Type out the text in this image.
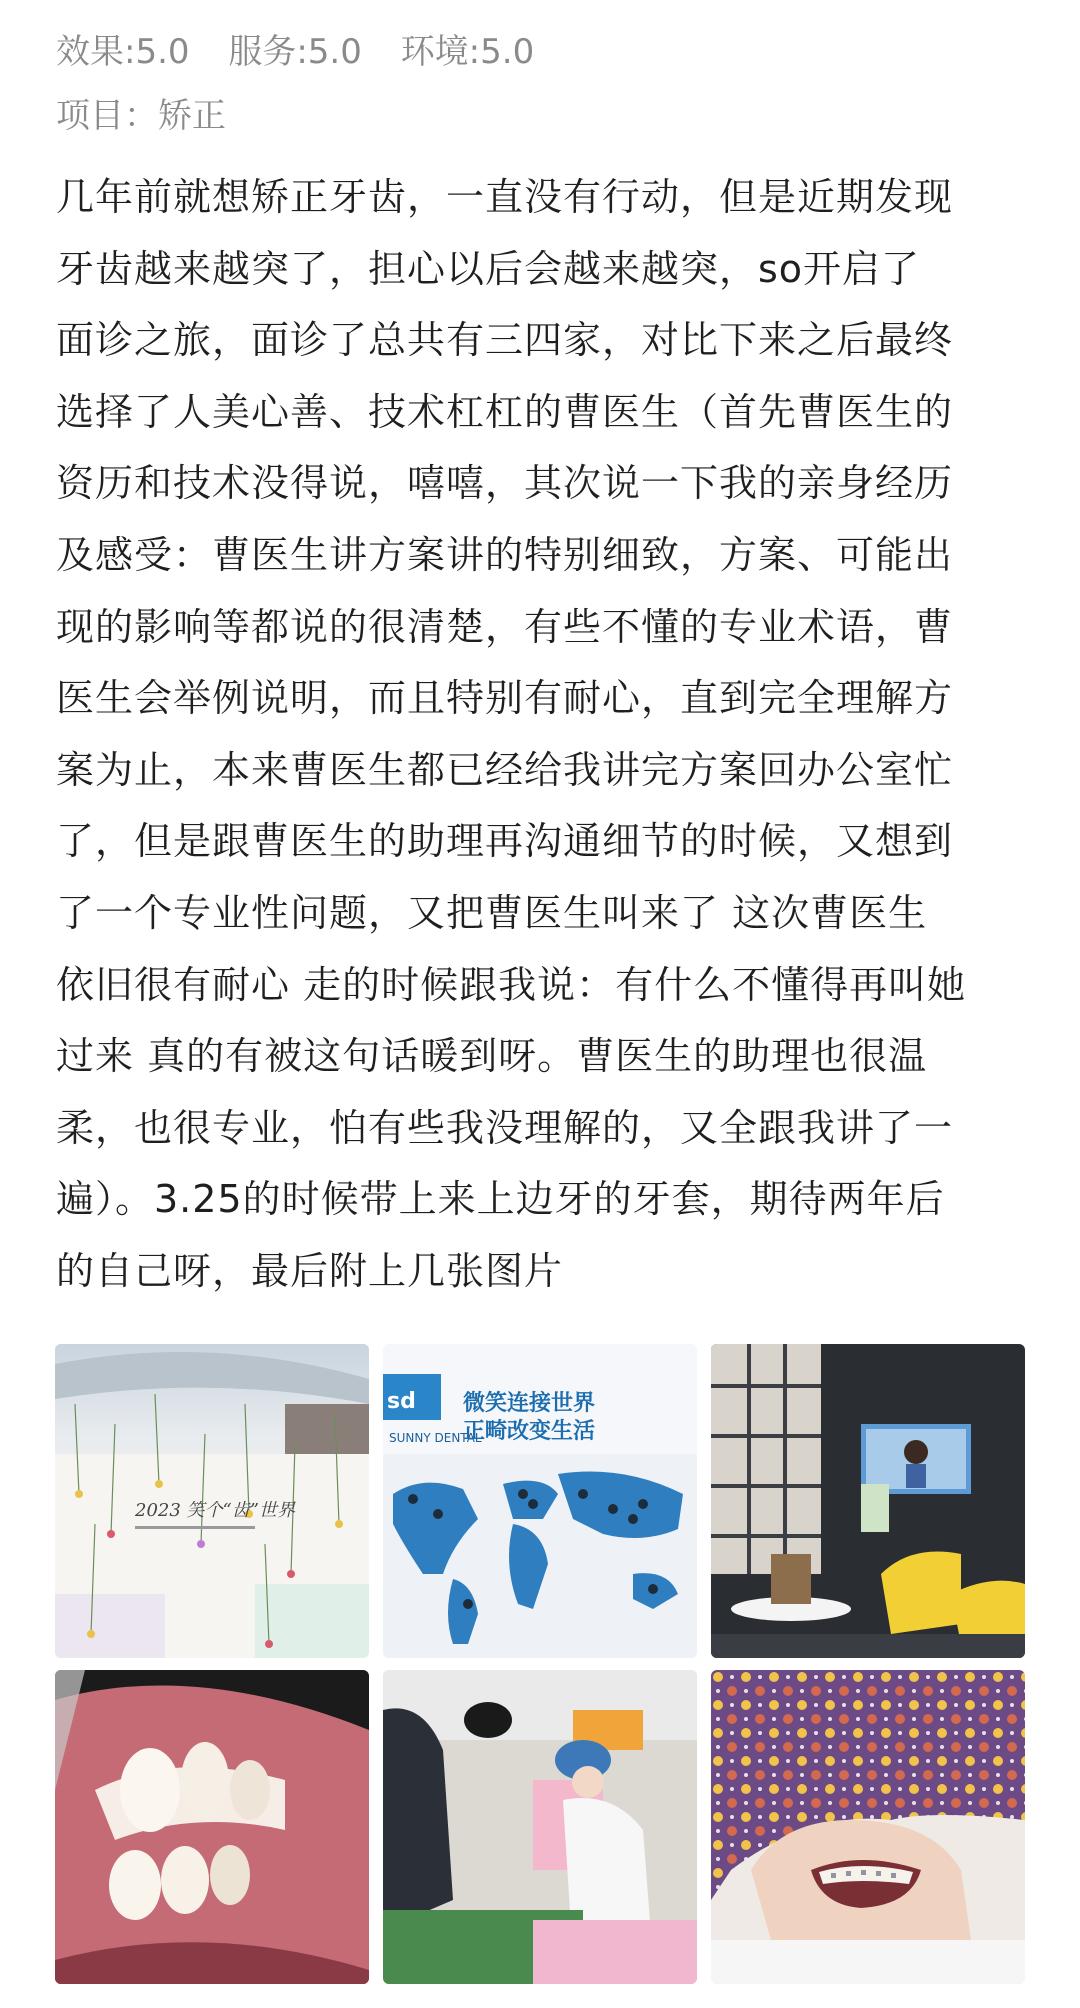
效果:5.0 服务:5.0 环境:5.0
项目：矫正
几年前就想矫正牙齿，一直没有行动，但是近期发现
牙齿越来越突了，担心以后会越来越突，so开启了
面诊之旅，面诊了总共有三四家，对比下来之后最终
选择了人美心善、技术杠杠的曹医生（首先曹医生的
资历和技术没得说，嘻嘻，其次说一下我的亲身经历
及感受：曹医生讲方案讲的特别细致，方案、可能出
现的影响等都说的很清楚，有些不懂的专业术语，曹
医生会举例说明，而且特别有耐心，直到完全理解方
案为止，本来曹医生都已经给我讲完方案回办公室忙
了，但是跟曹医生的助理再沟通细节的时候，又想到
了一个专业性问题，又把曹医生叫来了 这次曹医生
依旧很有耐心 走的时候跟我说：有什么不懂得再叫她
过来 真的有被这句话暖到呀。曹医生的助理也很温
柔，也很专业，怕有些我没理解的，又全跟我讲了一
遍）。3.25的时候带上来上边牙的牙套，期待两年后
的自己呀，最后附上几张图片
2023 笑个“齿”世界
sd
SUNNY DENTAL
微笑连接世界
正畸改变生活
